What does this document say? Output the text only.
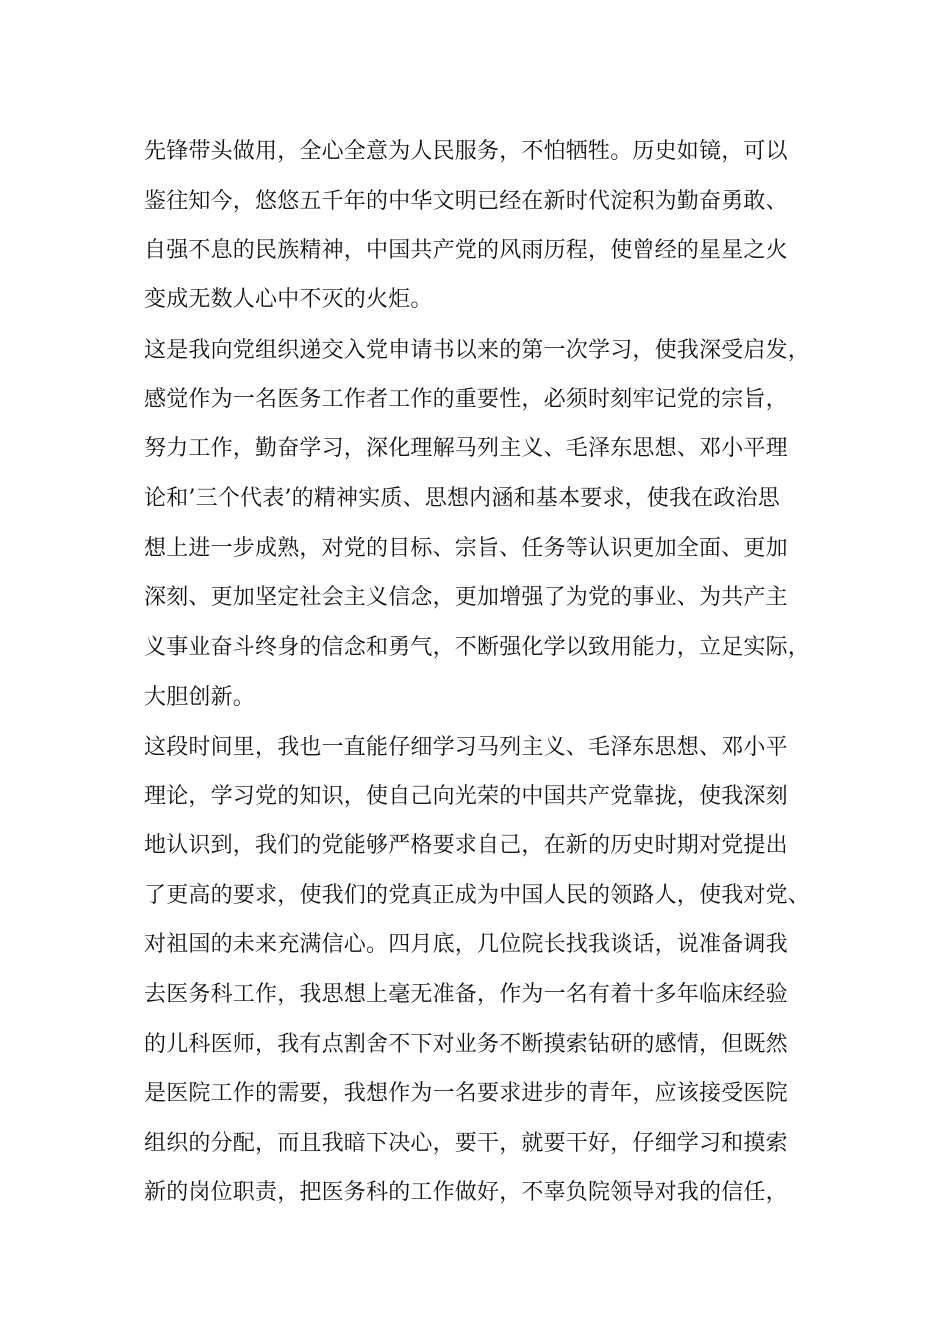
先锋带头做用，全心全意为人民服务，不怕牺牲。历史如镜，可以
鉴往知今，悠悠五千年的中华文明已经在新时代淀积为勤奋勇敢、
自强不息的民族精神，中国共产党的风雨历程，使曾经的星星之火
变成无数人心中不灭的火炬。
这是我向党组织递交入党申请书以来的第一次学习，使我深受启发，
感觉作为一名医务工作者工作的重要性，必须时刻牢记党的宗旨，
努力工作，勤奋学习，深化理解马列主义、毛泽东思想、邓小平理
论和’三个代表’的精神实质、思想内涵和基本要求，使我在政治思
想上进一步成熟，对党的目标、宗旨、任务等认识更加全面、更加
深刻、更加坚定社会主义信念，更加增强了为党的事业、为共产主
义事业奋斗终身的信念和勇气，不断强化学以致用能力，立足实际，
大胆创新。
这段时间里，我也一直能仔细学习马列主义、毛泽东思想、邓小平
理论，学习党的知识，使自己向光荣的中国共产党靠拢，使我深刻
地认识到，我们的党能够严格要求自己，在新的历史时期对党提出
了更高的要求，使我们的党真正成为中国人民的领路人，使我对党、
对祖国的未来充满信心。四月底，几位院长找我谈话，说准备调我
去医务科工作，我思想上毫无准备，作为一名有着十多年临床经验
的儿科医师，我有点割舍不下对业务不断摸索钻研的感情，但既然
是医院工作的需要，我想作为一名要求进步的青年，应该接受医院
组织的分配，而且我暗下决心，要干，就要干好，仔细学习和摸索
新的岗位职责，把医务科的工作做好，不辜负院领导对我的信任，
